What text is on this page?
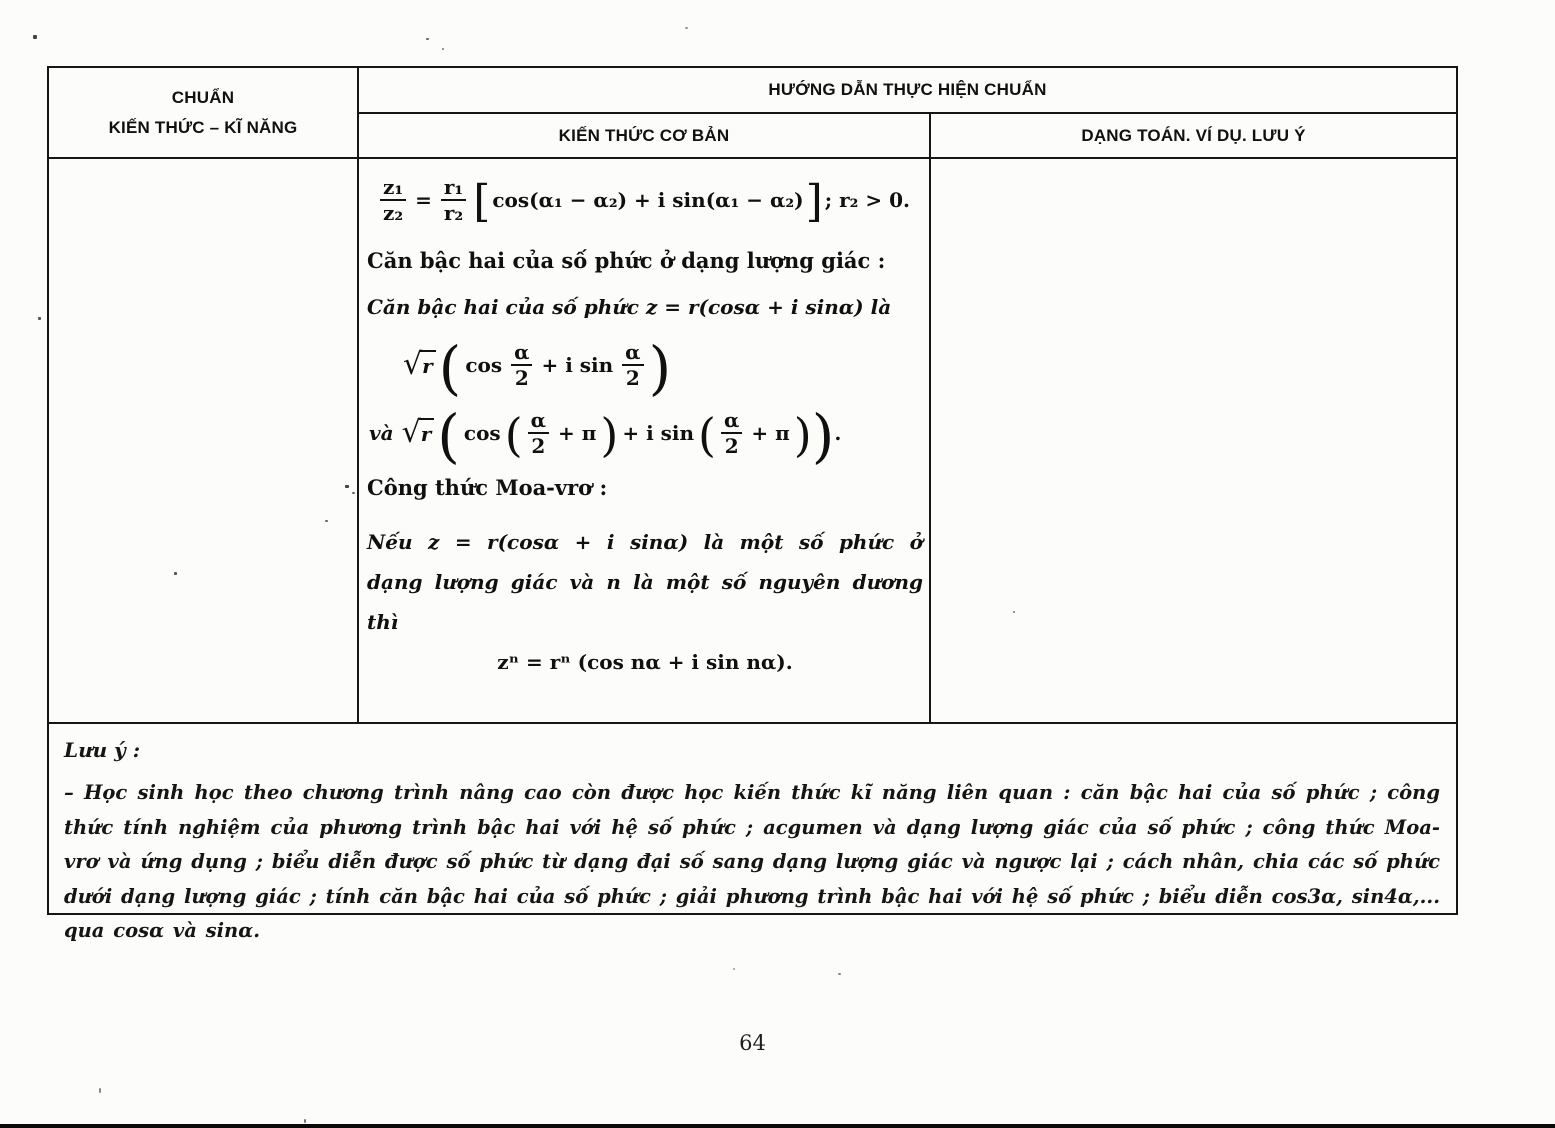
CHUẨN
KIẾN THỨC – KĨ NĂNG
HƯỚNG DẪN THỰC HIỆN CHUẨN
KIẾN THỨC CƠ BẢN	DẠNG TOÁN. VÍ DỤ. LƯU Ý
$\frac{\text{z₁}}{\text{z₂}} = \frac{\text{r₁}}{\text{r₂}}$ [ cos(α₁ − α₂) + i sin(α₁ − α₂) ] ; r₂ > 0.
Căn bậc hai của số phức ở dạng lượng giác :
Căn bậc hai của số phức z = r(cosα + i sinα) là
√ r ( $\cos \frac{\alpha}{2} + i$ $\sin \frac{\alpha}{2}$ )
và √ r ( cos ( $\frac{\alpha}{2} + \pi$ ) + i sin ( $\frac{\alpha}{2} + \pi$ ) ) .
Công thức Moa-vrơ :
Nếu z = r(cosα + i sinα) là một số phức ở dạng lượng giác và n là một số nguyên dương thì
zⁿ = rⁿ (cos nα + i sin nα).
Lưu ý :
– Học sinh học theo chương trình nâng cao còn được học kiến thức kĩ năng liên quan : căn bậc hai của số phức ; công thức tính nghiệm của phương trình bậc hai với hệ số phức ; acgumen và dạng lượng giác của số phức ; công thức Moa-vrơ và ứng dụng ; biểu diễn được số phức từ dạng đại số sang dạng lượng giác và ngược lại ; cách nhân, chia các số phức dưới dạng lượng giác ; tính căn bậc hai của số phức ; giải phương trình bậc hai với hệ số phức ; biểu diễn cos3α, sin4α,... qua cosα và sinα.
64
